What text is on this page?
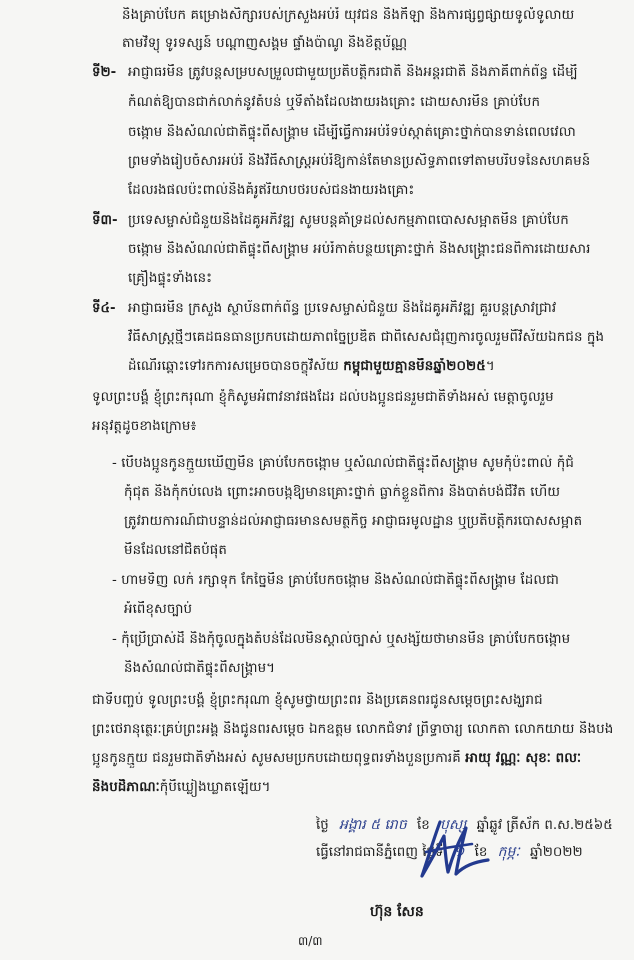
និងគ្រាប់បែក គម្រោងសិក្សារបស់ក្រសួងអប់រំ យុវជន និងកីឡា និងការផ្សព្វផ្សាយទូលំទូលាយ
តាមវិទ្យុ ទូរទស្សន៍ បណ្ដាញសង្គម ផ្ទាំងប៉ាណូ និងខិត្តប័ណ្ណ
ទី២- អាជ្ញាធរមីន ត្រូវបន្តសម្របសម្រួលជាមួយប្រតិបត្តិករជាតិ និងអន្តរជាតិ និងភាគីពាក់ព័ន្ធ ដើម្បី
កំណត់ឱ្យបានជាក់លាក់នូវតំបន់ ឬទីតាំងដែលងាយរងគ្រោះ ដោយសារមីន គ្រាប់បែក
ចង្កោម និងសំណល់ជាតិផ្ទុះពីសង្គ្រាម ដើម្បីធ្វើការអប់រំទប់ស្កាត់គ្រោះថ្នាក់បានទាន់ពេលវេលា
ព្រមទាំងរៀបចំសារអប់រំ និងវិធីសាស្ត្រអប់រំឱ្យកាន់តែមានប្រសិទ្ធភាពទៅតាមបរិបទនៃសហគមន៍
ដែលរងផលប៉ះពាល់និងគំរូឥរិយាបថរបស់ជនងាយរងគ្រោះ
ទី៣- ប្រទេសម្ចាស់ជំនួយនិងដៃគូអភិវឌ្ឍ សូមបន្តគាំទ្រដល់សកម្មភាពបោសសម្អាតមីន គ្រាប់បែក
ចង្កោម និងសំណល់ជាតិផ្ទុះពីសង្គ្រាម អប់រំកាត់បន្ថយគ្រោះថ្នាក់ និងសង្គ្រោះជនពិការដោយសារ
គ្រឿងផ្ទុះទាំងនេះ
ទី៤- អាជ្ញាធរមីន ក្រសួង ស្ថាប័នពាក់ព័ន្ធ ប្រទេសម្ចាស់ជំនួយ និងដៃគូអភិវឌ្ឍ គួរបន្តស្រាវជ្រាវ
វិធីសាស្ត្រថ្មីៗគេដធនធានប្រកបដោយភាពច្នៃប្រឌិត ជាពិសេសជំរុញការចូលរួមពីវិស័យឯកជន ក្នុង
ដំណើរឆ្ពោះទៅរកការសម្រេចបានចក្ខុវិស័យ កម្ពុជាមួយគ្មានមីនឆ្នាំ២០២៥។
ទូលព្រះបង្គំ ខ្ញុំព្រះករុណា ខ្ញុំក៏សូមអំពាវនាវផងដែរ ដល់បងប្អូនជនរួមជាតិទាំងអស់ មេត្តាចូលរួម
អនុវត្តដូចខាងក្រោម៖
- បើបងប្អូនកូនក្មួយឃើញមីន គ្រាប់បែកចង្កោម ឬសំណល់ជាតិផ្ទុះពីសង្គ្រាម សូមកុំប៉ះពាល់ កុំជំ
កុំជុត និងកុំកប់លេង ព្រោះអាចបង្កឱ្យមានគ្រោះថ្នាក់ ធ្លាក់ខ្លួនពិការ និងបាត់បង់ជីវិត ហើយ
ត្រូវរាយការណ៍ជាបន្ទាន់ដល់អាជ្ញាធរមានសមត្ថកិច្ច អាជ្ញាធរមូលដ្ឋាន ឬប្រតិបត្តិករបោសសម្អាត
មីនដែលនៅជិតបំផុត
- ហាមទិញ លក់ រក្សាទុក កែច្នៃមីន គ្រាប់បែកចង្កោម និងសំណល់ជាតិផ្ទុះពីសង្គ្រាម ដែលជា
អំពើខុសច្បាប់
- កុំប្រើប្រាស់ដី និងកុំចូលក្នុងតំបន់ដែលមិនស្គាល់ច្បាស់ ឬសង្ស័យថាមានមីន គ្រាប់បែកចង្កោម
និងសំណល់ជាតិផ្ទុះពីសង្គ្រាម។
ជាទីបញ្ចប់ ទូលព្រះបង្គំ ខ្ញុំព្រះករុណា ខ្ញុំសូមថ្វាយព្រះពរ និងប្រគេនពរជូនសម្ដេចព្រះសង្ឃរាជ
ព្រះថេរានុត្ថេរៈគ្រប់ព្រះអង្គ និងជូនពរសម្ដេច ឯកឧត្ដម លោកជំទាវ ព្រឹទ្ធាចារ្យ លោកតា លោកយាយ និងបង
ប្អូនកូនក្មួយ ជនរួមជាតិទាំងអស់ សូមសមប្រកបដោយពុទ្ធពរទាំងបួនប្រការគឺ អាយុ វណ្ណៈ សុខៈ ពលៈ
និងបដិភាណៈកុំបីឃ្លៀងឃ្លាតឡើយ។
ថ្ងៃ អង្គារ ៥ រោច ខែ បុស្ស ឆ្នាំឆ្លូវ ត្រីស័ក ព.ស.២៥៦៥
ធ្វើនៅរាជធានីភ្នំពេញ ថ្ងៃទី ១ ខែ កុម្ភៈ ឆ្នាំ២០២២
ហ៊ុន សែន
៣/៣
